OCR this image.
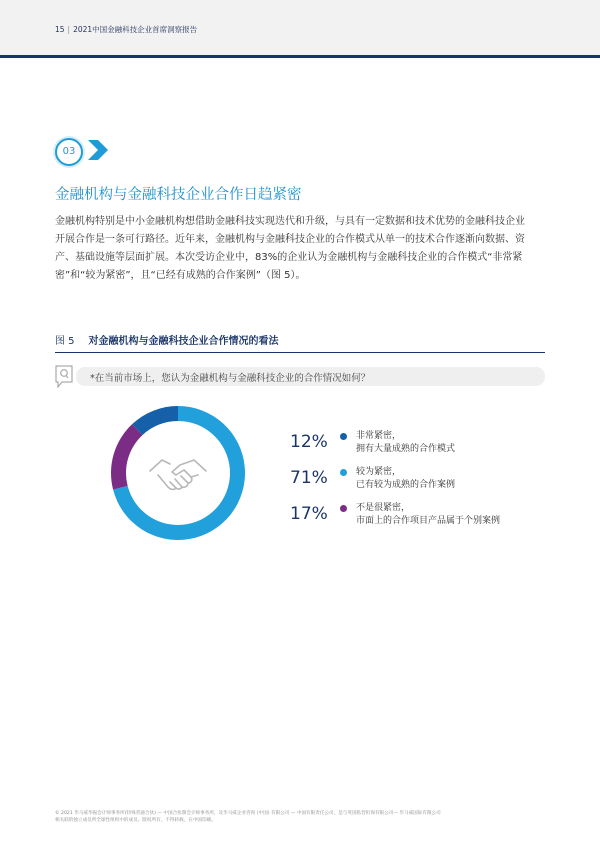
15 | 2021中国金融科技企业首席洞察报告
03
金融机构与金融科技企业合作日趋紧密
金融机构特别是中小金融机构想借助金融科技实现迭代和升级，与具有一定数据和技术优势的金融科技企业开展合作是一条可行路径。近年来，金融机构与金融科技企业的合作模式从单一的技术合作逐渐向数据、资产、基础设施等层面扩展。本次受访企业中，83%的企业认为金融机构与金融科技企业的合作模式“非常紧密”和“较为紧密”，且“已经有成熟的合作案例”（图 5）。
图 5 对金融机构与金融科技企业合作情况的看法
*在当前市场上，您认为金融机构与金融科技企业的合作情况如何？
12%	非常紧密，
拥有大量成熟的合作模式
71%	较为紧密，
已有较为成熟的合作案例
17%	不是很紧密，
市面上的合作项目产品属于个别案例
© 2021 毕马威华振会计师事务所(特殊普通合伙) — 中国合伙制会计师事务所，及毕马威企业咨询 (中国) 有限公司 — 中国有限责任公司，是与英国私营担保有限公司— 毕马威国际有限公司
相关联的独立成员所全球性组织中的成员。版权所有，不得转载。在中国印刷。
